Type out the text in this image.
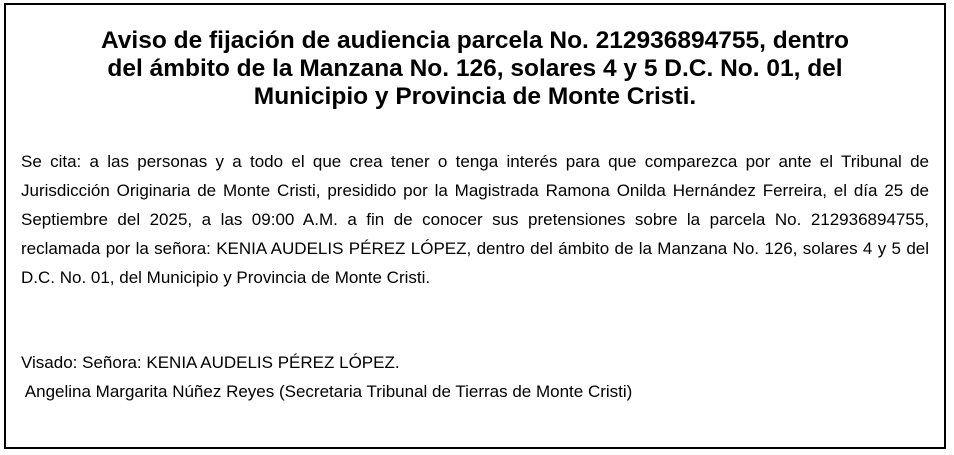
Aviso de fijación de audiencia parcela No. 212936894755, dentro
del ámbito de la Manzana No. 126, solares 4 y 5 D.C. No. 01, del
Municipio y Provincia de Monte Cristi.

Se cita: a las personas y a todo el que crea tener o tenga interés para que comparezca por ante el Tribunal de Jurisdicción Originaria de Monte Cristi, presidido por la Magistrada Ramona Onilda Hernández Ferreira, el día 25 de Septiembre del 2025, a las 09:00 A.M. a fin de conocer sus pretensiones sobre la parcela No. 212936894755, reclamada por la señora: KENIA AUDELIS PÉREZ LÓPEZ, dentro del ámbito de la Manzana No. 126, solares 4 y 5 del D.C. No. 01, del Municipio y Provincia de Monte Cristi.

Visado: Señora: KENIA AUDELIS PÉREZ LÓPEZ.

Angelina Margarita Núñez Reyes (Secretaria Tribunal de Tierras de Monte Cristi)
